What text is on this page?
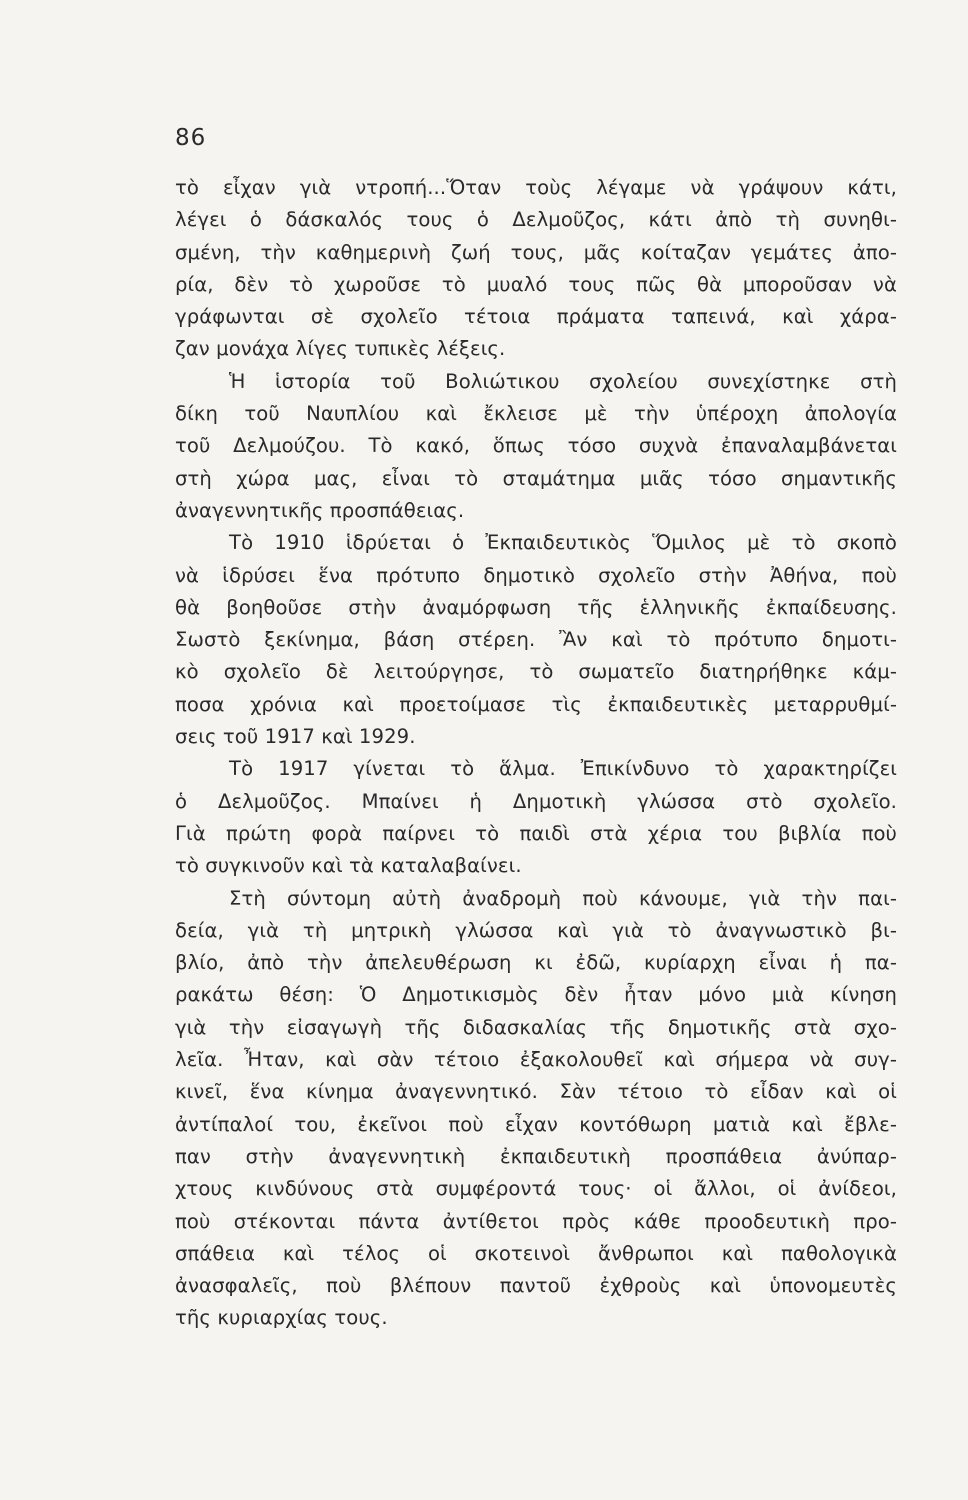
86
τὸ εἶχαν γιὰ ντροπή...Ὅταν τοὺς λέγαμε νὰ γράψουν κάτι,
λέγει ὁ δάσκαλός τους ὁ Δελμοῦζος, κάτι ἀπὸ τὴ συνηθι-
σμένη, τὴν καθημερινὴ ζωή τους, μᾶς κοίταζαν γεμάτες ἀπο-
ρία, δὲν τὸ χωροῦσε τὸ μυαλό τους πῶς θὰ μποροῦσαν νὰ
γράφωνται σὲ σχολεῖο τέτοια πράματα ταπεινά, καὶ χάρα-
ζαν μονάχα λίγες τυπικὲς λέξεις.
Ἡ ἱστορία τοῦ Βολιώτικου σχολείου συνεχίστηκε στὴ
δίκη τοῦ Ναυπλίου καὶ ἔκλεισε μὲ τὴν ὑπέροχη ἀπολογία
τοῦ Δελμούζου. Τὸ κακό, ὅπως τόσο συχνὰ ἐπαναλαμβάνεται
στὴ χώρα μας, εἶναι τὸ σταμάτημα μιᾶς τόσο σημαντικῆς
ἀναγεννητικῆς προσπάθειας.
Τὸ 1910 ἱδρύεται ὁ Ἐκπαιδευτικὸς Ὅμιλος μὲ τὸ σκοπὸ
νὰ ἱδρύσει ἕνα πρότυπο δημοτικὸ σχολεῖο στὴν Ἀθήνα, ποὺ
θὰ βοηθοῦσε στὴν ἀναμόρφωση τῆς ἑλληνικῆς ἐκπαίδευσης.
Σωστὸ ξεκίνημα, βάση στέρεη. Ἂν καὶ τὸ πρότυπο δημοτι-
κὸ σχολεῖο δὲ λειτούργησε, τὸ σωματεῖο διατηρήθηκε κάμ-
ποσα χρόνια καὶ προετοίμασε τὶς ἐκπαιδευτικὲς μεταρρυθμί-
σεις τοῦ 1917 καὶ 1929.
Τὸ 1917 γίνεται τὸ ἅλμα. Ἐπικίνδυνο τὸ χαρακτηρίζει
ὁ Δελμοῦζος. Μπαίνει ἡ Δημοτικὴ γλώσσα στὸ σχολεῖο.
Γιὰ πρώτη φορὰ παίρνει τὸ παιδὶ στὰ χέρια του βιβλία ποὺ
τὸ συγκινοῦν καὶ τὰ καταλαβαίνει.
Στὴ σύντομη αὐτὴ ἀναδρομὴ ποὺ κάνουμε, γιὰ τὴν παι-
δεία, γιὰ τὴ μητρικὴ γλώσσα καὶ γιὰ τὸ ἀναγνωστικὸ βι-
βλίο, ἀπὸ τὴν ἀπελευθέρωση κι ἐδῶ, κυρίαρχη εἶναι ἡ πα-
ρακάτω θέση: Ὁ Δημοτικισμὸς δὲν ἦταν μόνο μιὰ κίνηση
γιὰ τὴν εἰσαγωγὴ τῆς διδασκαλίας τῆς δημοτικῆς στὰ σχο-
λεῖα. Ἦταν, καὶ σὰν τέτοιο ἐξακολουθεῖ καὶ σήμερα νὰ συγ-
κινεῖ, ἕνα κίνημα ἀναγεννητικό. Σὰν τέτοιο τὸ εἶδαν καὶ οἱ
ἀντίπαλοί του, ἐκεῖνοι ποὺ εἶχαν κοντόθωρη ματιὰ καὶ ἔβλε-
παν στὴν ἀναγεννητικὴ ἐκπαιδευτικὴ προσπάθεια ἀνύπαρ-
χτους κινδύνους στὰ συμφέροντά τους· οἱ ἄλλοι, οἱ ἀνίδεοι,
ποὺ στέκονται πάντα ἀντίθετοι πρὸς κάθε προοδευτικὴ προ-
σπάθεια καὶ τέλος οἱ σκοτεινοὶ ἄνθρωποι καὶ παθολογικὰ
ἀνασφαλεῖς, ποὺ βλέπουν παντοῦ ἐχθροὺς καὶ ὑπονομευτὲς
τῆς κυριαρχίας τους.
